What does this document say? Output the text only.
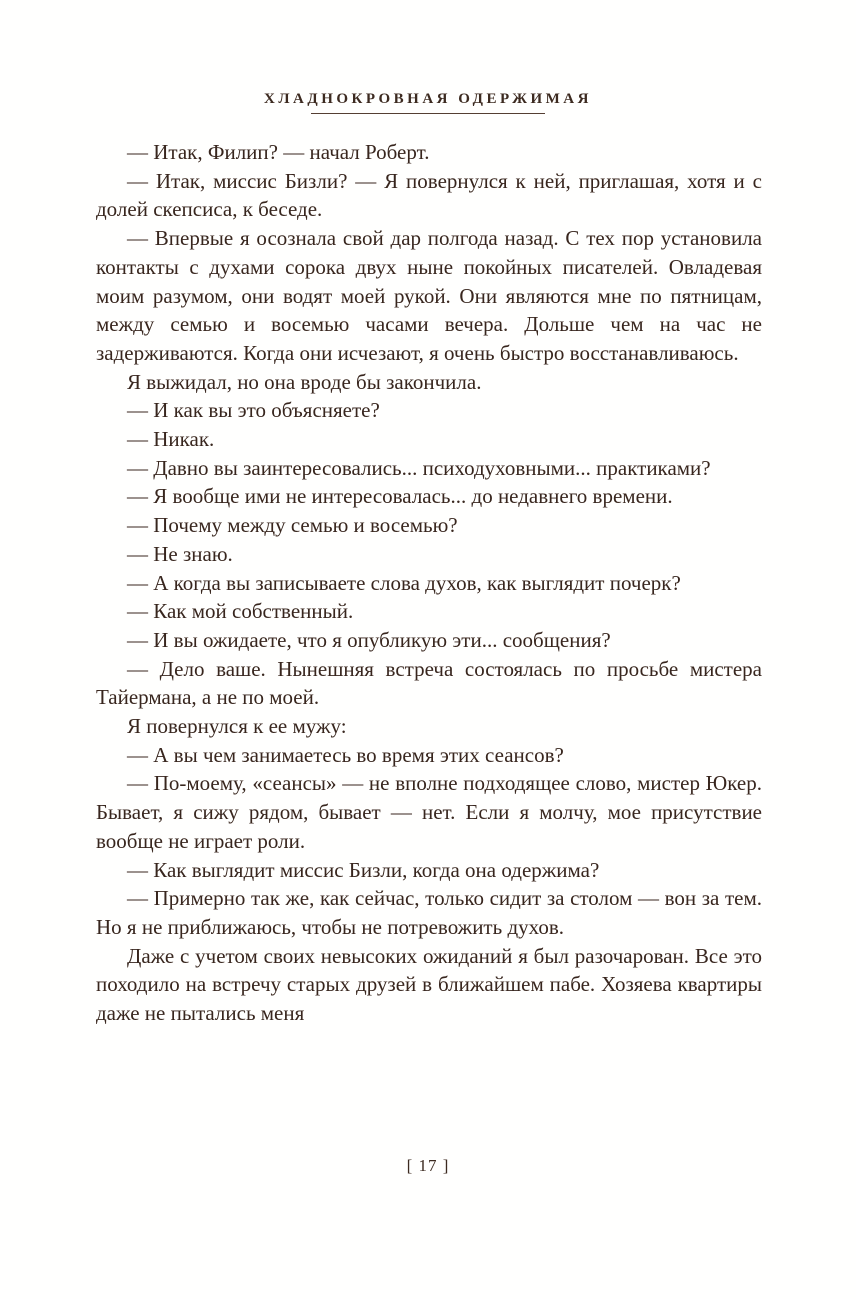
ХЛАДНОКРОВНАЯ ОДЕРЖИМАЯ

— Итак, Филип? — начал Роберт.

— Итак, миссис Бизли? — Я повернулся к ней, приглашая, хотя и с долей скепсиса, к беседе.

— Впервые я осознала свой дар полгода назад. С тех пор установила контакты с духами сорока двух ныне покойных писателей. Овладевая моим разумом, они водят моей рукой. Они являются мне по пятницам, между семью и восемью часами вечера. Дольше чем на час не задерживаются. Когда они исчезают, я очень быстро восстанавливаюсь.

Я выжидал, но она вроде бы закончила.

— И как вы это объясняете?

— Никак.

— Давно вы заинтересовались... психодуховными... практиками?

— Я вообще ими не интересовалась... до недавнего времени.

— Почему между семью и восемью?

— Не знаю.

— А когда вы записываете слова духов, как выглядит почерк?

— Как мой собственный.

— И вы ожидаете, что я опубликую эти... сообщения?

— Дело ваше. Нынешняя встреча состоялась по просьбе мистера Тайермана, а не по моей.

Я повернулся к ее мужу:

— А вы чем занимаетесь во время этих сеансов?

— По-моему, «сеансы» — не вполне подходящее слово, мистер Юкер. Бывает, я сижу рядом, бывает — нет. Если я молчу, мое присутствие вообще не играет роли.

— Как выглядит миссис Бизли, когда она одержима?

— Примерно так же, как сейчас, только сидит за столом — вон за тем. Но я не приближаюсь, чтобы не потревожить духов.

Даже с учетом своих невысоких ожиданий я был разочарован. Все это походило на встречу старых друзей в ближайшем пабе. Хозяева квартиры даже не пытались меня

[ 17 ]
